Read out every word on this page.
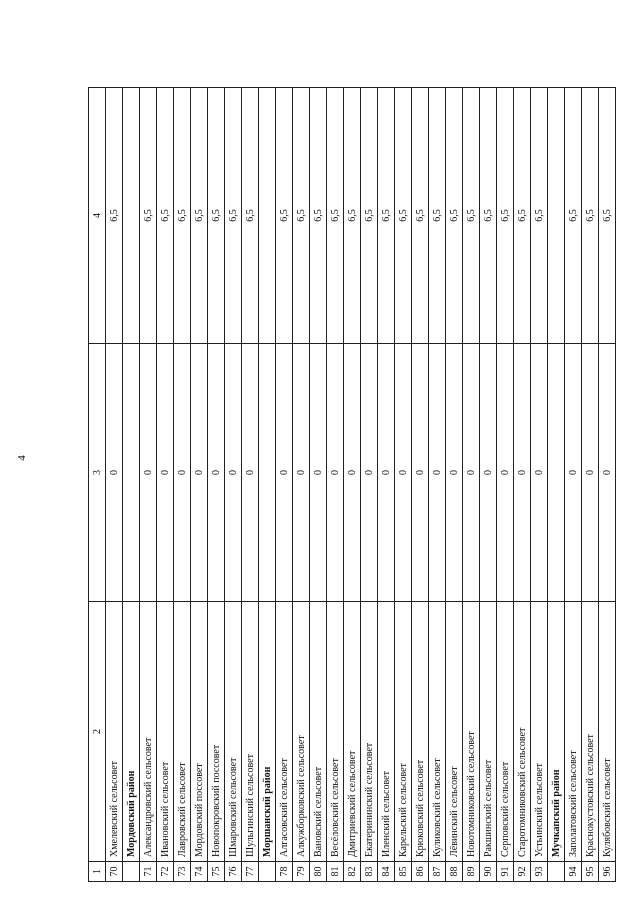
4
1	2	3	4
70	Хмелевский сельсовет	0	6,5
	Мордовский район		
71	Александровский сельсовет	0	6,5
72	Ивановский сельсовет	0	6,5
73	Лавровский сельсовет	0	6,5
74	Мордовский поссовет	0	6,5
75	Новопокровский поссовет	0	6,5
76	Шмаровский сельсовет	0	6,5
77	Шульгинский сельсовет	0	6,5
	Моршанский район		
78	Алгасовский сельсовет	0	6,5
79	Алкужборковский сельсовет	0	6,5
80	Вановский сельсовет	0	6,5
81	Весёловский сельсовет	0	6,5
82	Дмитриевский сельсовет	0	6,5
83	Екатерининский сельсовет	0	6,5
84	Иленский сельсовет	0	6,5
85	Карельский сельсовет	0	6,5
86	Крюковский сельсовет	0	6,5
87	Куликовский сельсовет	0	6,5
88	Лёвинский сельсовет	0	6,5
89	Новотомниковский сельсовет	0	6,5
90	Ракшинский сельсовет	0	6,5
91	Серповский сельсовет	0	6,5
92	Старотомниковский сельсовет	0	6,5
93	Устьинский сельсовет	0	6,5
	Мучкапский район		
94	Заполатовский сельсовет	0	6,5
95	Краснокустовский сельсовет	0	6,5
96	Кулябовский сельсовет	0	6,5
